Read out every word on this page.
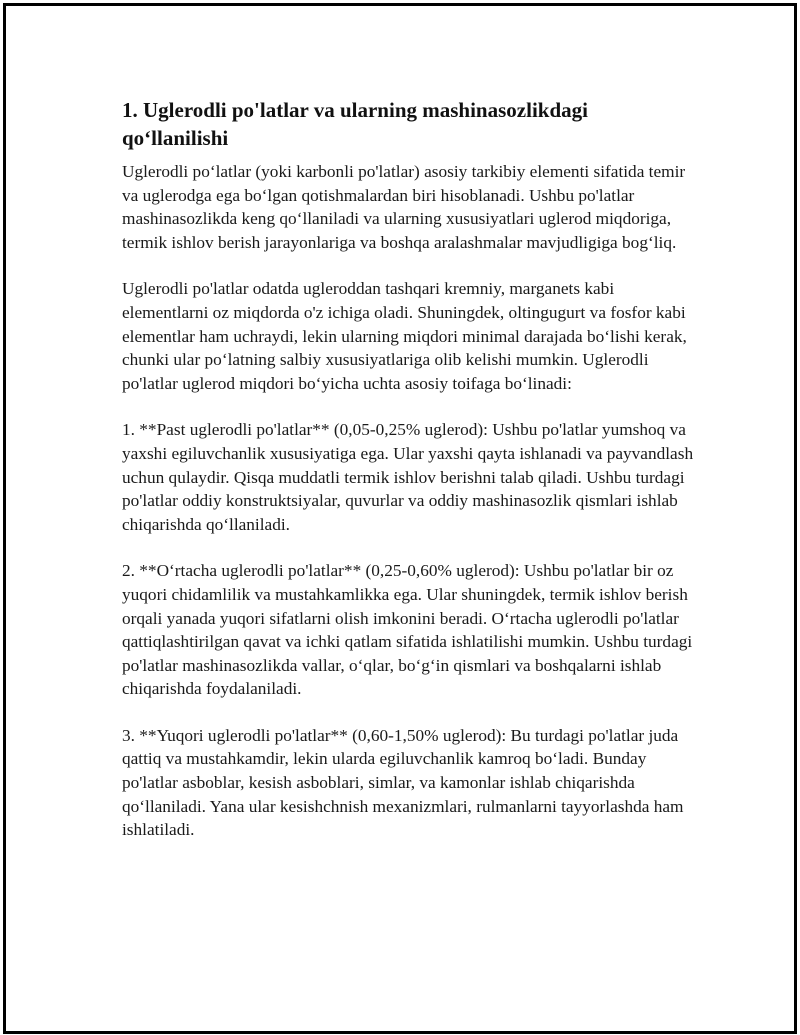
1. Uglerodli po'latlar va ularning mashinasozlikdagi qo‘llanilishi

Uglerodli po‘latlar (yoki karbonli po'latlar) asosiy tarkibiy elementi sifatida temir va uglerodga ega bo‘lgan qotishmalardan biri hisoblanadi. Ushbu po'latlar mashinasozlikda keng qo‘llaniladi va ularning xususiyatlari uglerod miqdoriga, termik ishlov berish jarayonlariga va boshqa aralashmalar mavjudligiga bog‘liq.

Uglerodli po'latlar odatda ugleroddan tashqari kremniy, marganets kabi elementlarni oz miqdorda o'z ichiga oladi. Shuningdek, oltingugurt va fosfor kabi elementlar ham uchraydi, lekin ularning miqdori minimal darajada bo‘lishi kerak, chunki ular po‘latning salbiy xususiyatlariga olib kelishi mumkin. Uglerodli po'latlar uglerod miqdori bo‘yicha uchta asosiy toifaga bo‘linadi:

1. **Past uglerodli po'latlar** (0,05-0,25% uglerod): Ushbu po'latlar yumshoq va yaxshi egiluvchanlik xususiyatiga ega. Ular yaxshi qayta ishlanadi va payvandlash uchun qulaydir. Qisqa muddatli termik ishlov berishni talab qiladi. Ushbu turdagi po'latlar oddiy konstruktsiyalar, quvurlar va oddiy mashinasozlik qismlari ishlab chiqarishda qo‘llaniladi.

2. **O‘rtacha uglerodli po'latlar** (0,25-0,60% uglerod): Ushbu po'latlar bir oz yuqori chidamlilik va mustahkamlikka ega. Ular shuningdek, termik ishlov berish orqali yanada yuqori sifatlarni olish imkonini beradi. O‘rtacha uglerodli po'latlar qattiqlashtirilgan qavat va ichki qatlam sifatida ishlatilishi mumkin. Ushbu turdagi po'latlar mashinasozlikda vallar, o‘qlar, bo‘g‘in qismlari va boshqalarni ishlab chiqarishda foydalaniladi.

3. **Yuqori uglerodli po'latlar** (0,60-1,50% uglerod): Bu turdagi po'latlar juda qattiq va mustahkamdir, lekin ularda egiluvchanlik kamroq bo‘ladi. Bunday po'latlar asboblar, kesish asboblari, simlar, va kamonlar ishlab chiqarishda qo‘llaniladi. Yana ular kesishchnish mexanizmlari, rulmanlarni tayyorlashda ham ishlatiladi.
